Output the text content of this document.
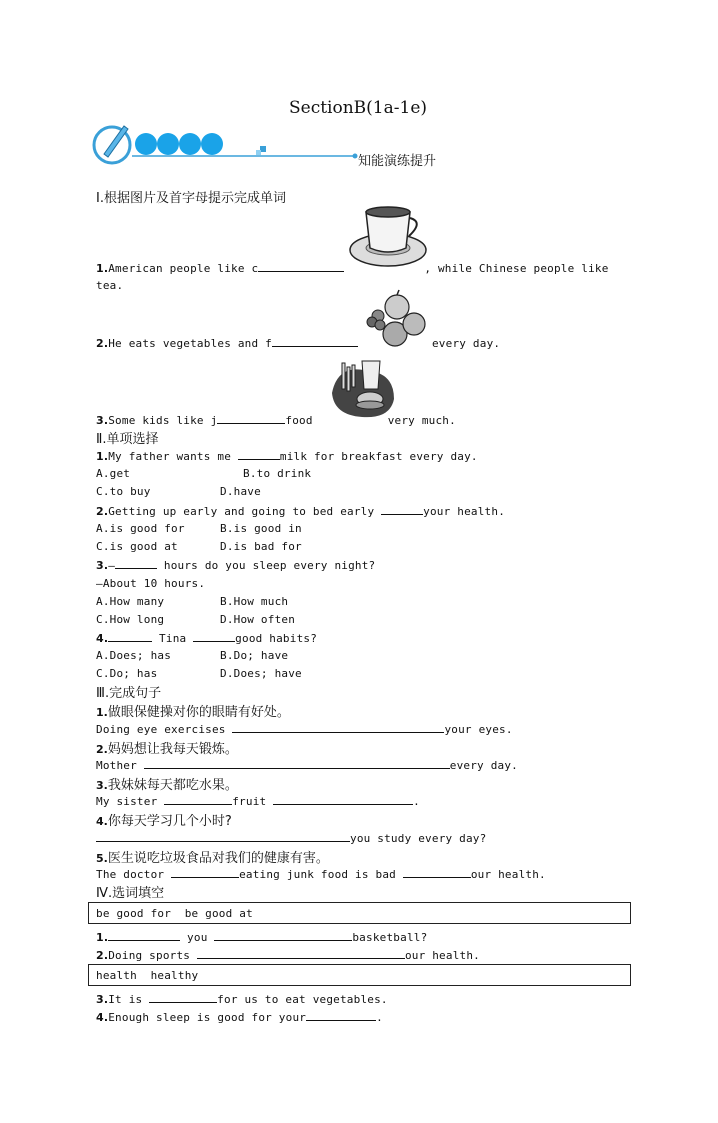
SectionB(1a-1e)
知能演练提升
Ⅰ.根据图片及首字母提示完成单词
1.American people like c	, while Chinese people like
tea.
2.He eats vegetables and f	every day.
3.Some kids like j	food	very much.
Ⅱ.单项选择
1.My father wants me	milk for breakfast every day.
A.get	B.to drink
C.to buy	D.have
2.Getting up early and going to bed early	your health.
A.is good for	B.is good in
C.is good at	D.is bad for
3.—	hours do you sleep every night?
—About 10 hours.
A.How many	B.How much
C.How long	D.How often
4.	Tina	good habits?
A.Does; has	B.Do; have
C.Do; has	D.Does; have
Ⅲ.完成句子
1.做眼保健操对你的眼睛有好处。
Doing eye exercises	your eyes.
2.妈妈想让我每天锻炼。
Mother	every day.
3.我妹妹每天都吃水果。
My sister	fruit	.
4.你每天学习几个小时?
you study every day?
5.医生说吃垃圾食品对我们的健康有害。
The doctor	eating junk food is bad	our health.
Ⅳ.选词填空
be good for  be good at
1.	you	basketball?
2.Doing sports	our health.
health  healthy
3.It is	for us to eat vegetables.
4.Enough sleep is good for your	.
